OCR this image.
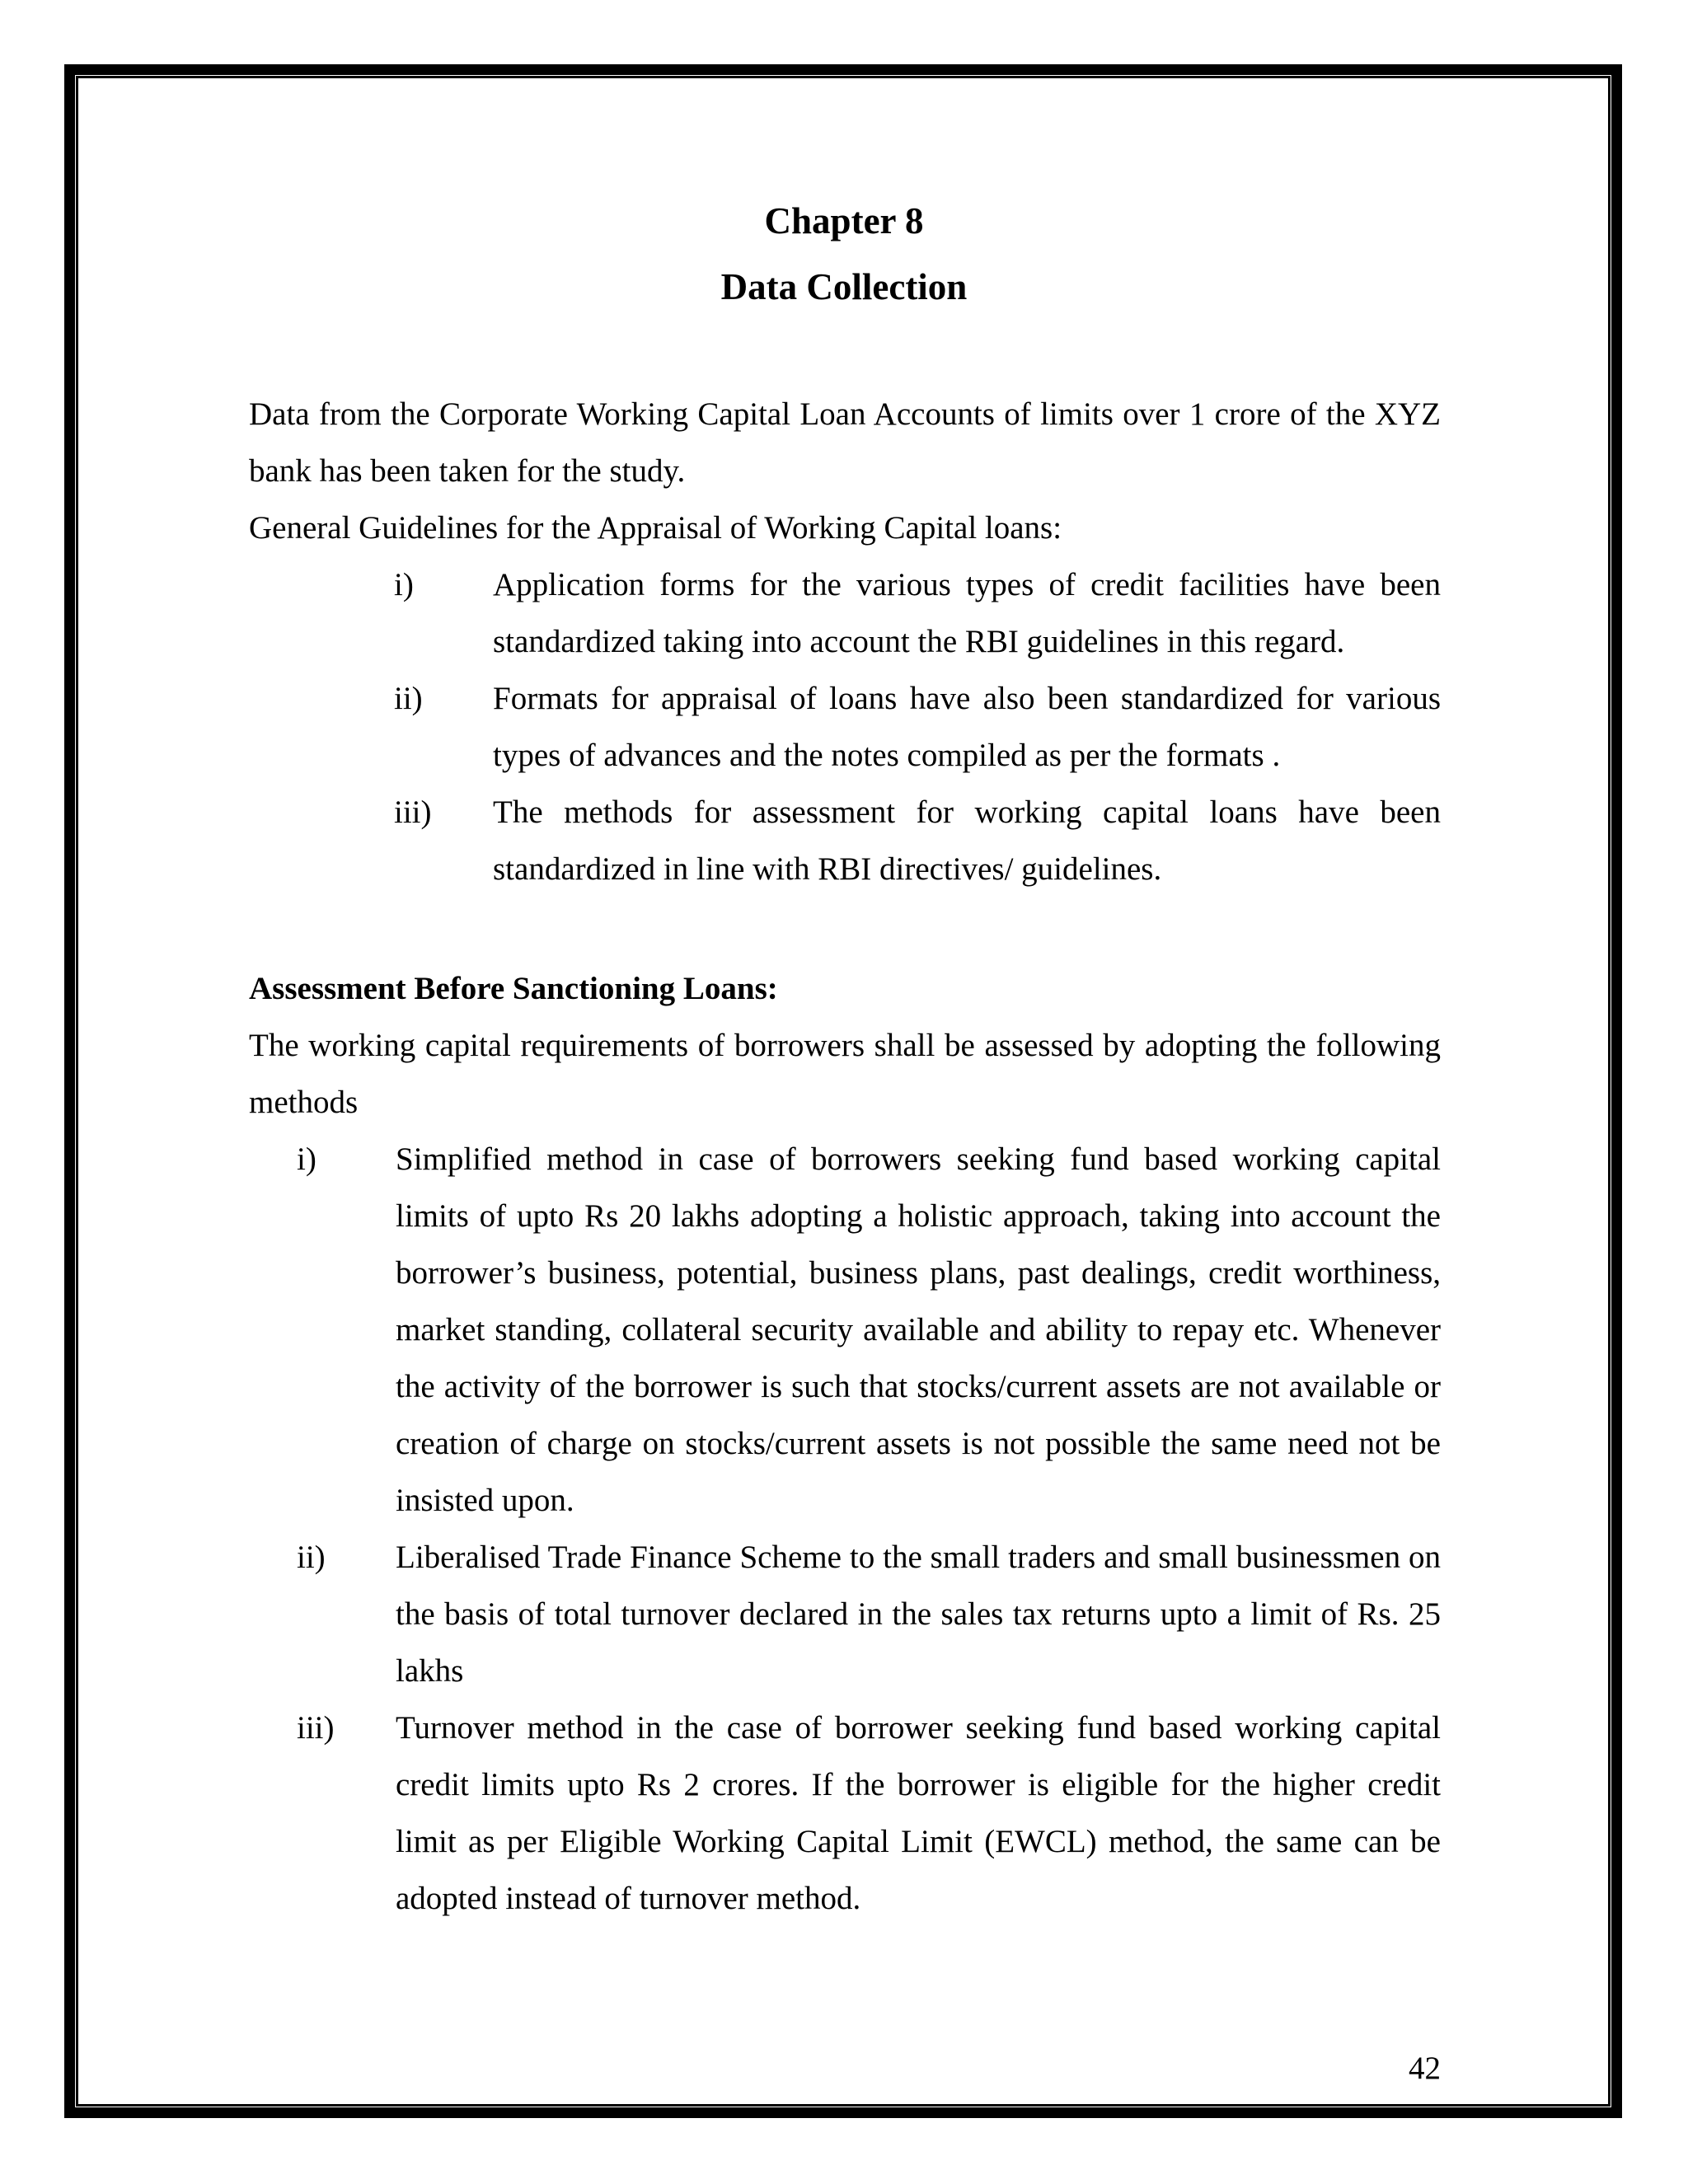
Chapter 8
Data Collection

Data from the Corporate Working Capital Loan Accounts of limits over 1 crore of the XYZ bank has been taken for the study.

General Guidelines for the Appraisal of Working Capital loans:

i) Application forms for the various types of credit facilities have been standardized taking into account the RBI guidelines in this regard.

ii) Formats for appraisal of loans have also been standardized for various types of advances and the notes compiled as per the formats .

iii) The methods for assessment for working capital loans have been standardized in line with RBI directives/ guidelines.

Assessment Before Sanctioning Loans:

The working capital requirements of borrowers shall be assessed by adopting the following methods

i) Simplified method in case of borrowers seeking fund based working capital limits of upto Rs 20 lakhs adopting a holistic approach, taking into account the borrower’s business, potential, business plans, past dealings, credit worthiness, market standing, collateral security available and ability to repay etc. Whenever the activity of the borrower is such that stocks/current assets are not available or creation of charge on stocks/current assets is not possible the same need not be insisted upon.

ii) Liberalised Trade Finance Scheme to the small traders and small businessmen on the basis of total turnover declared in the sales tax returns upto a limit of Rs. 25 lakhs

iii) Turnover method in the case of borrower seeking fund based working capital credit limits upto Rs 2 crores. If the borrower is eligible for the higher credit limit as per Eligible Working Capital Limit (EWCL) method, the same can be adopted instead of turnover method.

42
